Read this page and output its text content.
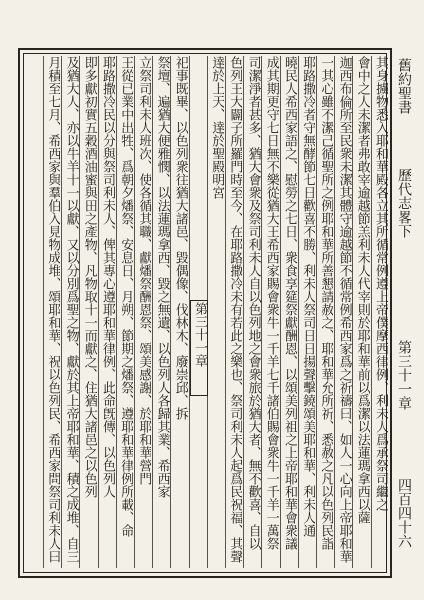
舊約聖書
歷代志畧下
第三十一章
四百四十六
其身擄物悉入耶和華殿各立其所循常例遵上帝僕摩西律例、利未人爲承祭司繼之
會中之人未潔者弗敢宰逾越節羔利未人代宰則於耶和華前以爲潔以法蓮瑪拿西以薩
迦西布倫所至民衆未潔其體守逾越節不循常例希西家爲之祈禱曰、如人一心向上帝耶和華
一其心雖不潔己循聖所之例耶和華所善懇請赦之、耶和華允所祈、悉赦之凡以色列民詣
耶路撒冷者守無酵節七日歡喜不勝、利未人祭司日日揚聲擊鐃頌美耶和華、利未人通
曉民人希西家語之、慰勞之七日、衆食享筵祭獻酬恩、以頌美列祖之上帝耶和華會衆議
成其期更守七日無不樂從猶大王希西家賜會衆牛一千羊七千諸伯賜會衆牛一千羊一萬祭
司潔淨者甚多、猶大會衆及祭司利未人自以色列地之會衆旅於猶大者、無不歡喜、自以
色列王大闢子所羅門時至今、在耶路撒冷未有若此之樂也、祭司利未人起爲民祝福、其聲
達於上天、達於聖殿明宮
第三十一章
祀事既畢、以色列衆往猶大諸邑、毀偶像、伐林木、廢崇邱、拆
祭壇、遍猶大便雅憫、以法蓮瑪拿西、毀之無遺、以色列人各歸其業、希西家
立祭司利未人班次、使各循其職、獻燔祭酬恩祭、頌美感謝、於耶和華營門
王從已業中出牲、爲朝夕燔祭、安息日、月朔、節期之燔祭、遵耶和華律例所載、命
耶路撒冷民以分與祭司利未人、俾其專心遵耶和華律例、此命旣傳、以色列人
即多獻初實五穀酒油蜜與田之產物、凡物取十一而獻之、住猶大諸邑之以色列
及猶大人、亦以牛羊十一以獻、又以分別爲聖之物、獻於其上帝耶和華、積之成堆、自三
月積至七月、希西家與羣伯入見物成堆、頌耶和華、祝以色列民、希西家問祭司利未人曰
